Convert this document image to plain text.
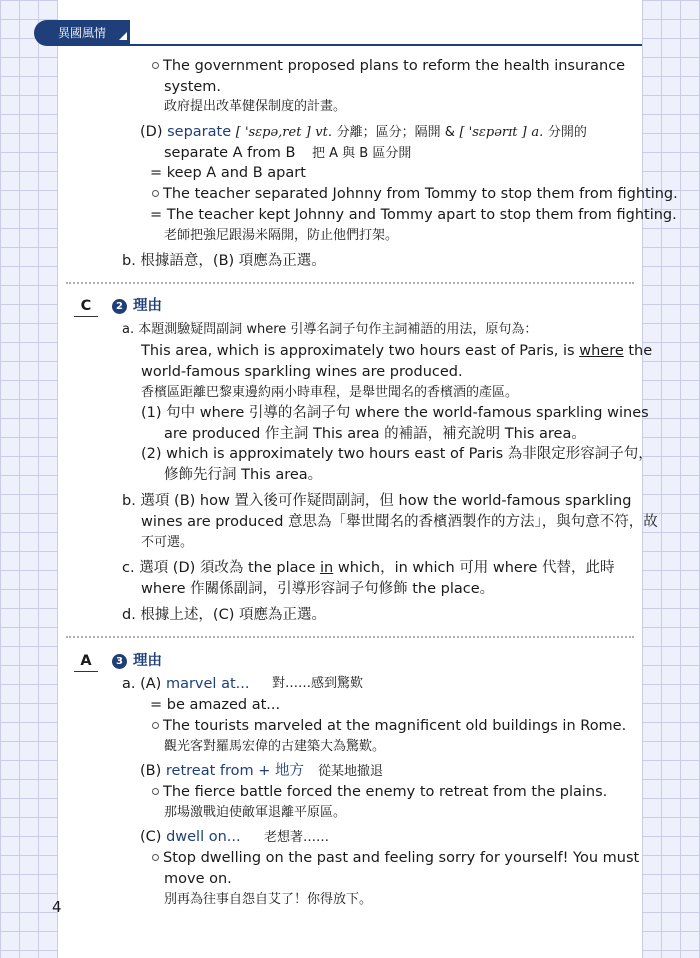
異國風情
The government proposed plans to reform the health insurance
system.
政府提出改革健保制度的計畫。
(D) separate [ 'sɛpə,ret ] vt. 分離；區分；隔開 & [ 'sɛpərɪt ] a. 分開的
separate A from B 把 A 與 B 區分開
= keep A and B apart
The teacher separated Johnny from Tommy to stop them from fighting.
= The teacher kept Johnny and Tommy apart to stop them from fighting.
老師把強尼跟湯米隔開，防止他們打架。
b. 根據語意，(B) 項應為正選。
C 2 理由
a. 本題測驗疑問副詞 where 引導名詞子句作主詞補語的用法，原句為：
This area, which is approximately two hours east of Paris, is where the
world-famous sparkling wines are produced.
香檳區距離巴黎東邊約兩小時車程，是舉世聞名的香檳酒的產區。
(1) 句中 where 引導的名詞子句 where the world-famous sparkling wines
are produced 作主詞 This area 的補語，補充說明 This area。
(2) which is approximately two hours east of Paris 為非限定形容詞子句，
修飾先行詞 This area。
b. 選項 (B) how 置入後可作疑問副詞，但 how the world-famous sparkling
wines are produced 意思為「舉世聞名的香檳酒製作的方法」，與句意不符，故
不可選。
c. 選項 (D) 須改為 the place in which，in which 可用 where 代替，此時
where 作關係副詞，引導形容詞子句修飾 the place。
d. 根據上述，(C) 項應為正選。
A 3 理由
a. (A) marvel at... 對……感到驚歎
= be amazed at...
The tourists marveled at the magnificent old buildings in Rome.
觀光客對羅馬宏偉的古建築大為驚歎。
(B) retreat from + 地方 從某地撤退
The fierce battle forced the enemy to retreat from the plains.
那場激戰迫使敵軍退離平原區。
(C) dwell on... 老想著……
Stop dwelling on the past and feeling sorry for yourself! You must
move on.
別再為往事自怨自艾了！你得放下。
4
